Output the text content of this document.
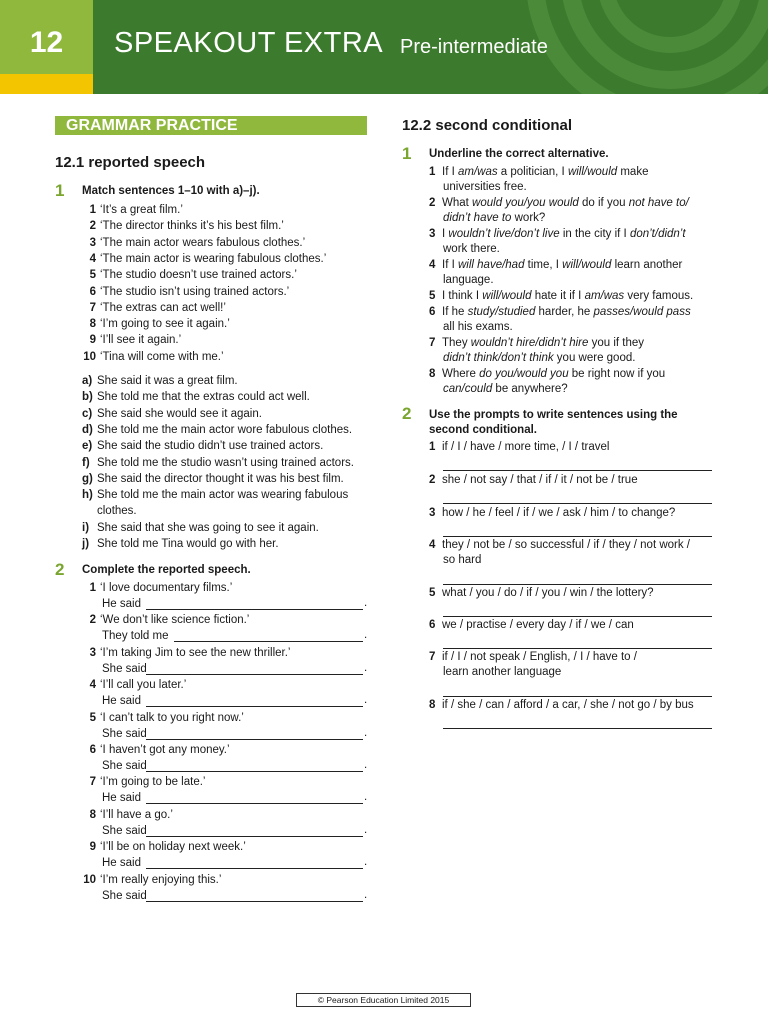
12	SPEAKOUT EXTRA Pre-intermediate
GRAMMAR PRACTICE
12.1 reported speech
1 Match sentences 1–10 with a)–j).
1 ‘It’s a great film.’
2 ‘The director thinks it’s his best film.’
3 ‘The main actor wears fabulous clothes.’
4 ‘The main actor is wearing fabulous clothes.’
5 ‘The studio doesn’t use trained actors.’
6 ‘The studio isn’t using trained actors.’
7 ‘The extras can act well!’
8 ‘I’m going to see it again.’
9 ‘I’ll see it again.’
10 ‘Tina will come with me.’
a) She said it was a great film.
b) She told me that the extras could act well.
c) She said she would see it again.
d) She told me the main actor wore fabulous clothes.
e) She said the studio didn’t use trained actors.
f) She told me the studio wasn’t using trained actors.
g) She said the director thought it was his best film.
h) She told me the main actor was wearing fabulous
clothes.
i) She said that she was going to see it again.
j) She told me Tina would go with her.
2 Complete the reported speech.
1 ‘I love documentary films.’
He said	.
2 ‘We don’t like science fiction.’
They told me	.
3 ‘I’m taking Jim to see the new thriller.’
She said	.
4 ‘I’ll call you later.’
He said	.
5 ‘I can’t talk to you right now.’
She said	.
6 ‘I haven’t got any money.’
She said	.
7 ‘I’m going to be late.’
He said	.
8 ‘I’ll have a go.’
She said	.
9 ‘I’ll be on holiday next week.’
He said	.
10 ‘I’m really enjoying this.’
She said	.
12.2 second conditional
1 Underline the correct alternative.
1 If I am/was a politician, I will/would make
universities free.
2 What would you/you would do if you not have to/
didn’t have to work?
3 I wouldn’t live/don’t live in the city if I don’t/didn’t
work there.
4 If I will have/had time, I will/would learn another
language.
5 I think I will/would hate it if I am/was very famous.
6 If he study/studied harder, he passes/would pass
all his exams.
7 They wouldn’t hire/didn’t hire you if they
didn’t think/don’t think you were good.
8 Where do you/would you be right now if you
can/could be anywhere?
2 Use the prompts to write sentences using the
second conditional.
1 if / I / have / more time, / I / travel
2 she / not say / that / if / it / not be / true
3 how / he / feel / if / we / ask / him / to change?
4 they / not be / so successful / if / they / not work /
so hard
5 what / you / do / if / you / win / the lottery?
6 we / practise / every day / if / we / can
7 if / I / not speak / English, / I / have to /
learn another language
8 if / she / can / afford / a car, / she / not go / by bus
© Pearson Education Limited 2015
